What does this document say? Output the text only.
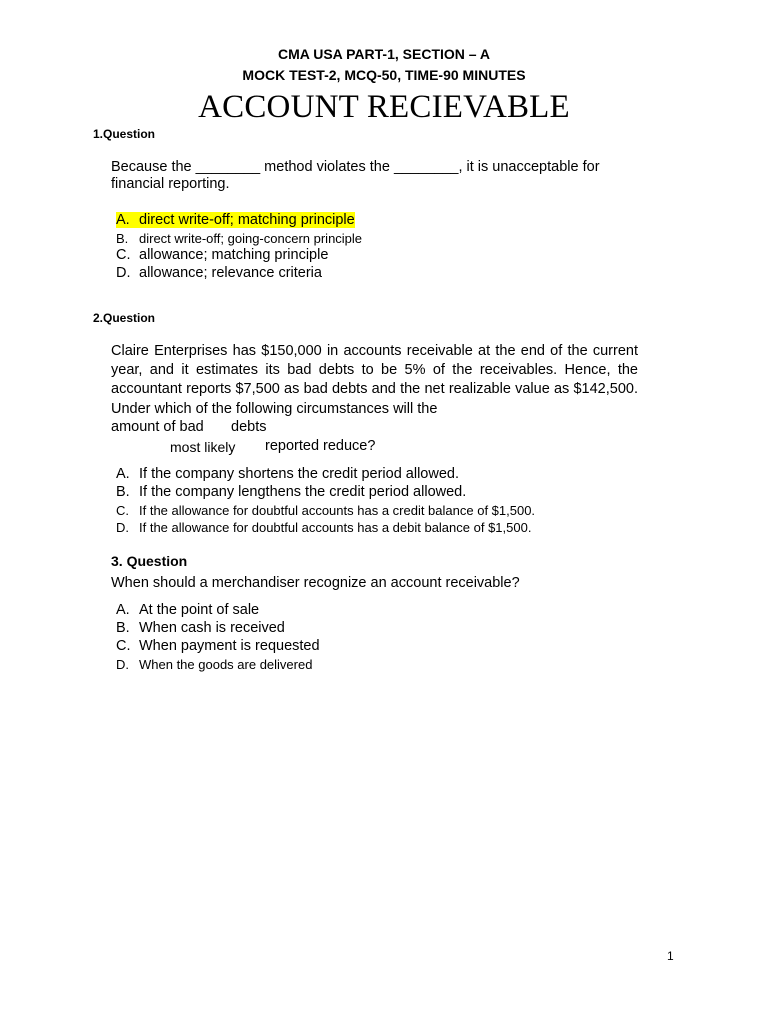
CMA USA PART-1, SECTION – A
MOCK TEST-2, MCQ-50, TIME-90 MINUTES
ACCOUNT RECIEVABLE
1.Question
Because the ________ method violates the ________, it is unacceptable for
financial reporting.
A. direct write-off; matching principle
B. direct write-off; going-concern principle
C. allowance; matching principle
D. allowance; relevance criteria
2.Question
Claire Enterprises has $150,000 in accounts receivable at the end of the current year, and it estimates its bad debts to be 5% of the receivables. Hence, the accountant reports $7,500 as bad debts and the net realizable value as $142,500. Under which of the following circumstances will the
amount of bad debts
most likely reported reduce?
A. If the company shortens the credit period allowed.
B. If the company lengthens the credit period allowed.
C. If the allowance for doubtful accounts has a credit balance of $1,500.
D. If the allowance for doubtful accounts has a debit balance of $1,500.
3. Question
When should a merchandiser recognize an account receivable?
A. At the point of sale
B. When cash is received
C. When payment is requested
D. When the goods are delivered
1
